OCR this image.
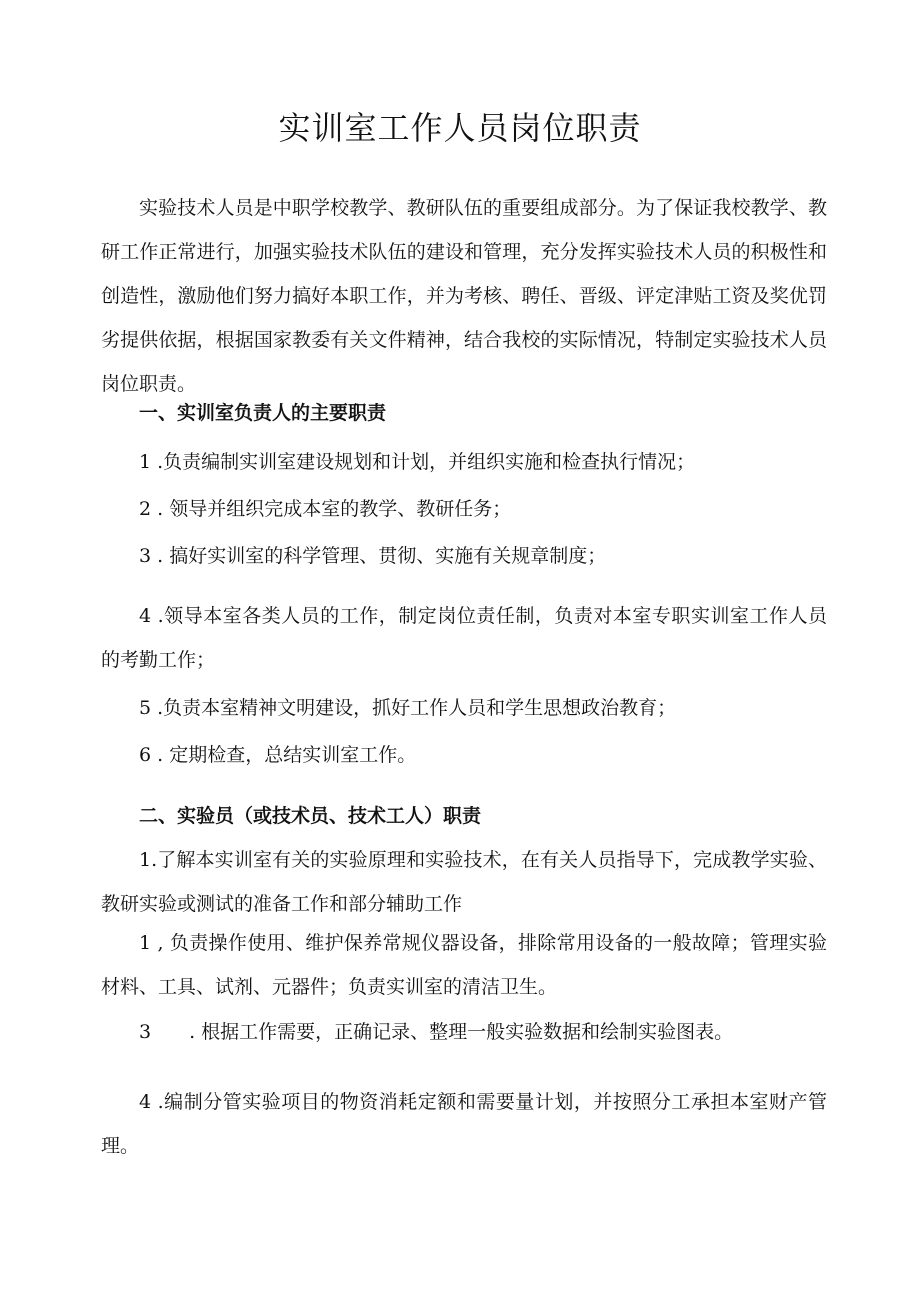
实训室工作人员岗位职责

实验技术人员是中职学校教学、教研队伍的重要组成部分。为了保证我校教学、教研工作正常进行，加强实验技术队伍的建设和管理，充分发挥实验技术人员的积极性和创造性，激励他们努力搞好本职工作，并为考核、聘任、晋级、评定津贴工资及奖优罚劣提供依据，根据国家教委有关文件精神，结合我校的实际情况，特制定实验技术人员岗位职责。

一、实训室负责人的主要职责
1 .负责编制实训室建设规划和计划，并组织实施和检查执行情况；
2 . 领导并组织完成本室的教学、教研任务；
3 . 搞好实训室的科学管理、贯彻、实施有关规章制度；

4 .领导本室各类人员的工作，制定岗位责任制，负责对本室专职实训室工作人员的考勤工作；

5 .负责本室精神文明建设，抓好工作人员和学生思想政治教育；
6 . 定期检查，总结实训室工作。
二、实验员（或技术员、技术工人）职责

1.了解本实训室有关的实验原理和实验技术，在有关人员指导下，完成教学实验、教研实验或测试的准备工作和部分辅助工作

1 , 负责操作使用、维护保养常规仪器设备，排除常用设备的一般故障；管理实验材料、工具、试剂、元器件；负责实训室的清洁卫生。

3　　. 根据工作需要，正确记录、整理一般实验数据和绘制实验图表。

4 .编制分管实验项目的物资消耗定额和需要量计划，并按照分工承担本室财产管理。
